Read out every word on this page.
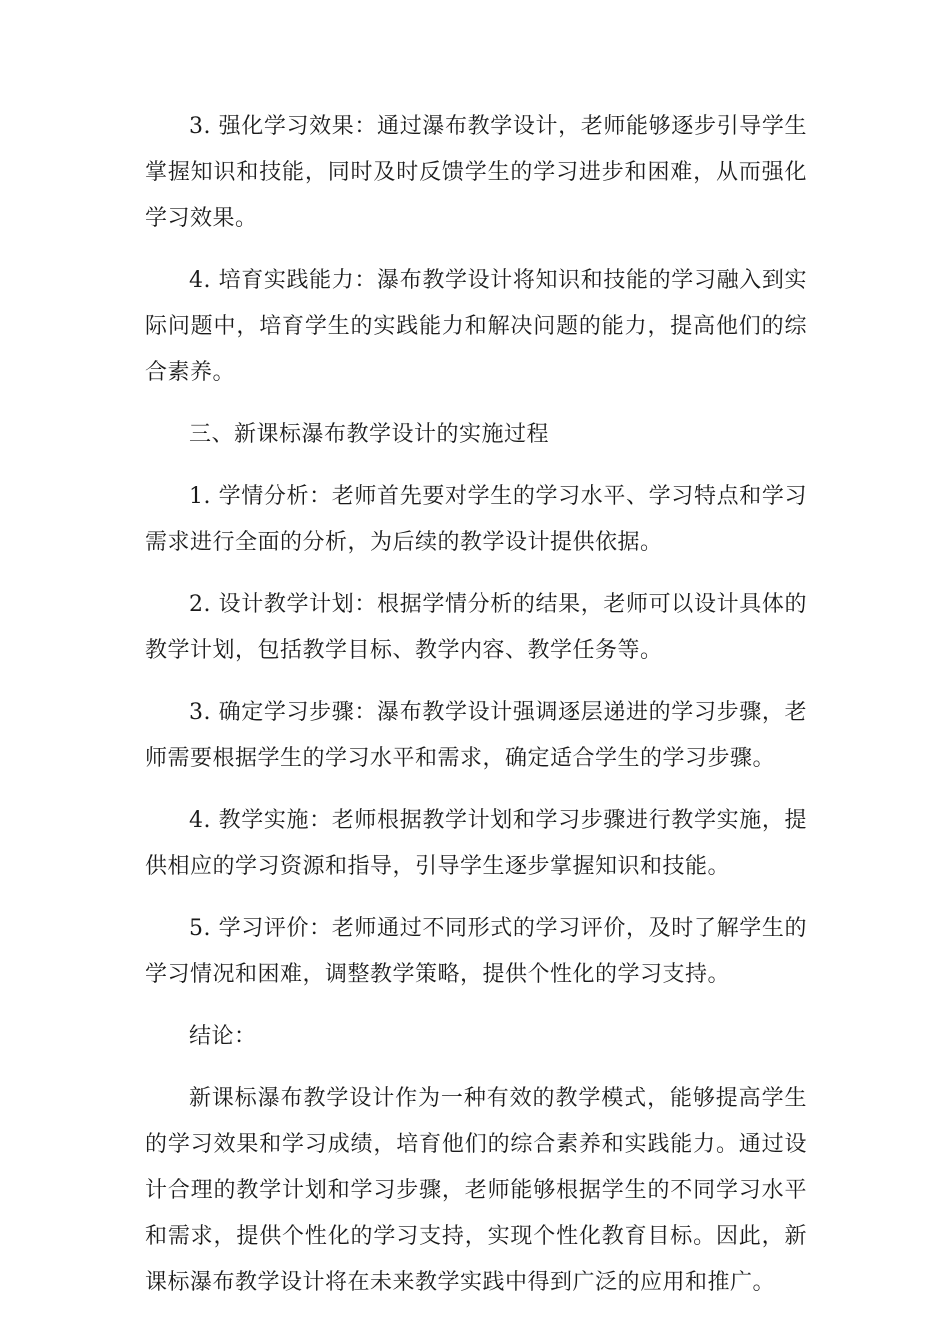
3. 强化学习效果：通过瀑布教学设计，老师能够逐步引导学生掌握知识和技能，同时及时反馈学生的学习进步和困难，从而强化学习效果。

4. 培育实践能力：瀑布教学设计将知识和技能的学习融入到实际问题中，培育学生的实践能力和解决问题的能力，提高他们的综合素养。

三、新课标瀑布教学设计的实施过程

1. 学情分析：老师首先要对学生的学习水平、学习特点和学习需求进行全面的分析，为后续的教学设计提供依据。

2. 设计教学计划：根据学情分析的结果，老师可以设计具体的教学计划，包括教学目标、教学内容、教学任务等。

3. 确定学习步骤：瀑布教学设计强调逐层递进的学习步骤，老师需要根据学生的学习水平和需求，确定适合学生的学习步骤。

4. 教学实施：老师根据教学计划和学习步骤进行教学实施，提供相应的学习资源和指导，引导学生逐步掌握知识和技能。

5. 学习评价：老师通过不同形式的学习评价，及时了解学生的学习情况和困难，调整教学策略，提供个性化的学习支持。

结论：

新课标瀑布教学设计作为一种有效的教学模式，能够提高学生的学习效果和学习成绩，培育他们的综合素养和实践能力。通过设计合理的教学计划和学习步骤，老师能够根据学生的不同学习水平和需求，提供个性化的学习支持，实现个性化教育目标。因此，新课标瀑布教学设计将在未来教学实践中得到广泛的应用和推广。
